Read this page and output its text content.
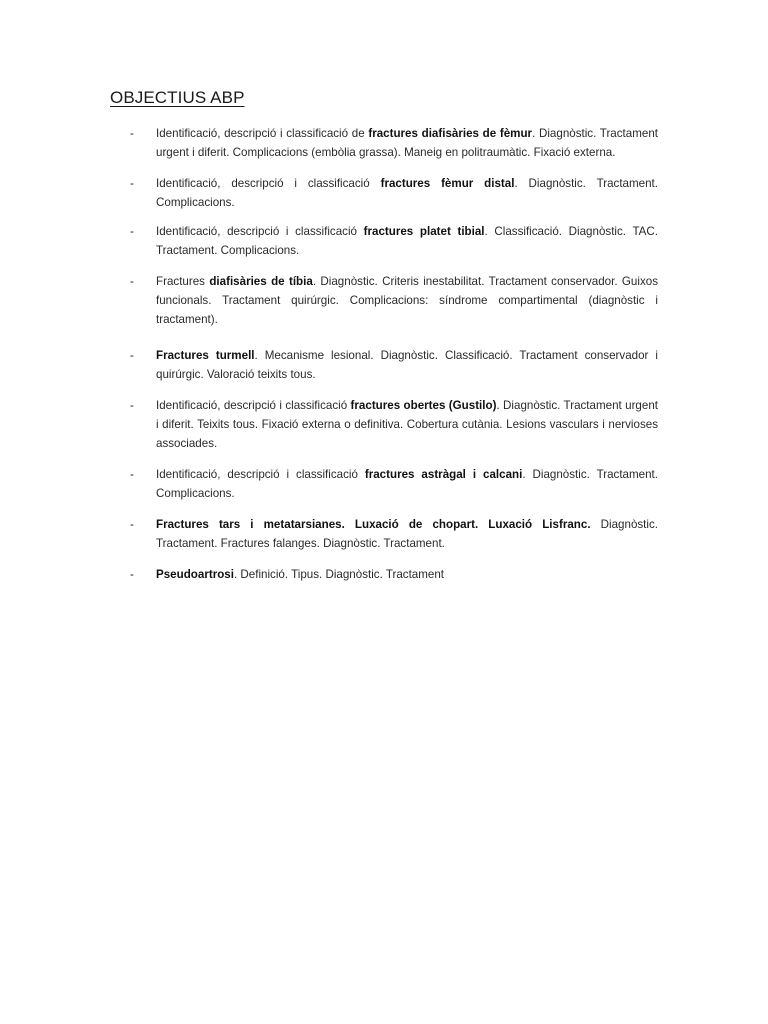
OBJECTIUS ABP
- Identificació, descripció i classificació de fractures diafisàries de fèmur. Diagnòstic. Tractament urgent i diferit. Complicacions (embòlia grassa). Maneig en politraumàtic. Fixació externa.
- Identificació, descripció i classificació fractures fèmur distal. Diagnòstic. Tractament. Complicacions.
- Identificació, descripció i classificació fractures platet tibial. Classificació. Diagnòstic. TAC. Tractament. Complicacions.
- Fractures diafisàries de tíbia. Diagnòstic. Criteris inestabilitat. Tractament conservador. Guixos funcionals. Tractament quirúrgic. Complicacions: síndrome compartimental (diagnòstic i tractament).
- Fractures turmell. Mecanisme lesional. Diagnòstic. Classificació. Tractament conservador i quirúrgic. Valoració teixits tous.
- Identificació, descripció i classificació fractures obertes (Gustilo). Diagnòstic. Tractament urgent i diferit. Teixits tous. Fixació externa o definitiva. Cobertura cutània. Lesions vasculars i nervioses associades.
- Identificació, descripció i classificació fractures astràgal i calcani. Diagnòstic. Tractament. Complicacions.
- Fractures tars i metatarsianes. Luxació de chopart. Luxació Lisfranc. Diagnòstic. Tractament. Fractures falanges. Diagnòstic. Tractament.
- Pseudoartrosi. Definició. Tipus. Diagnòstic. Tractament
